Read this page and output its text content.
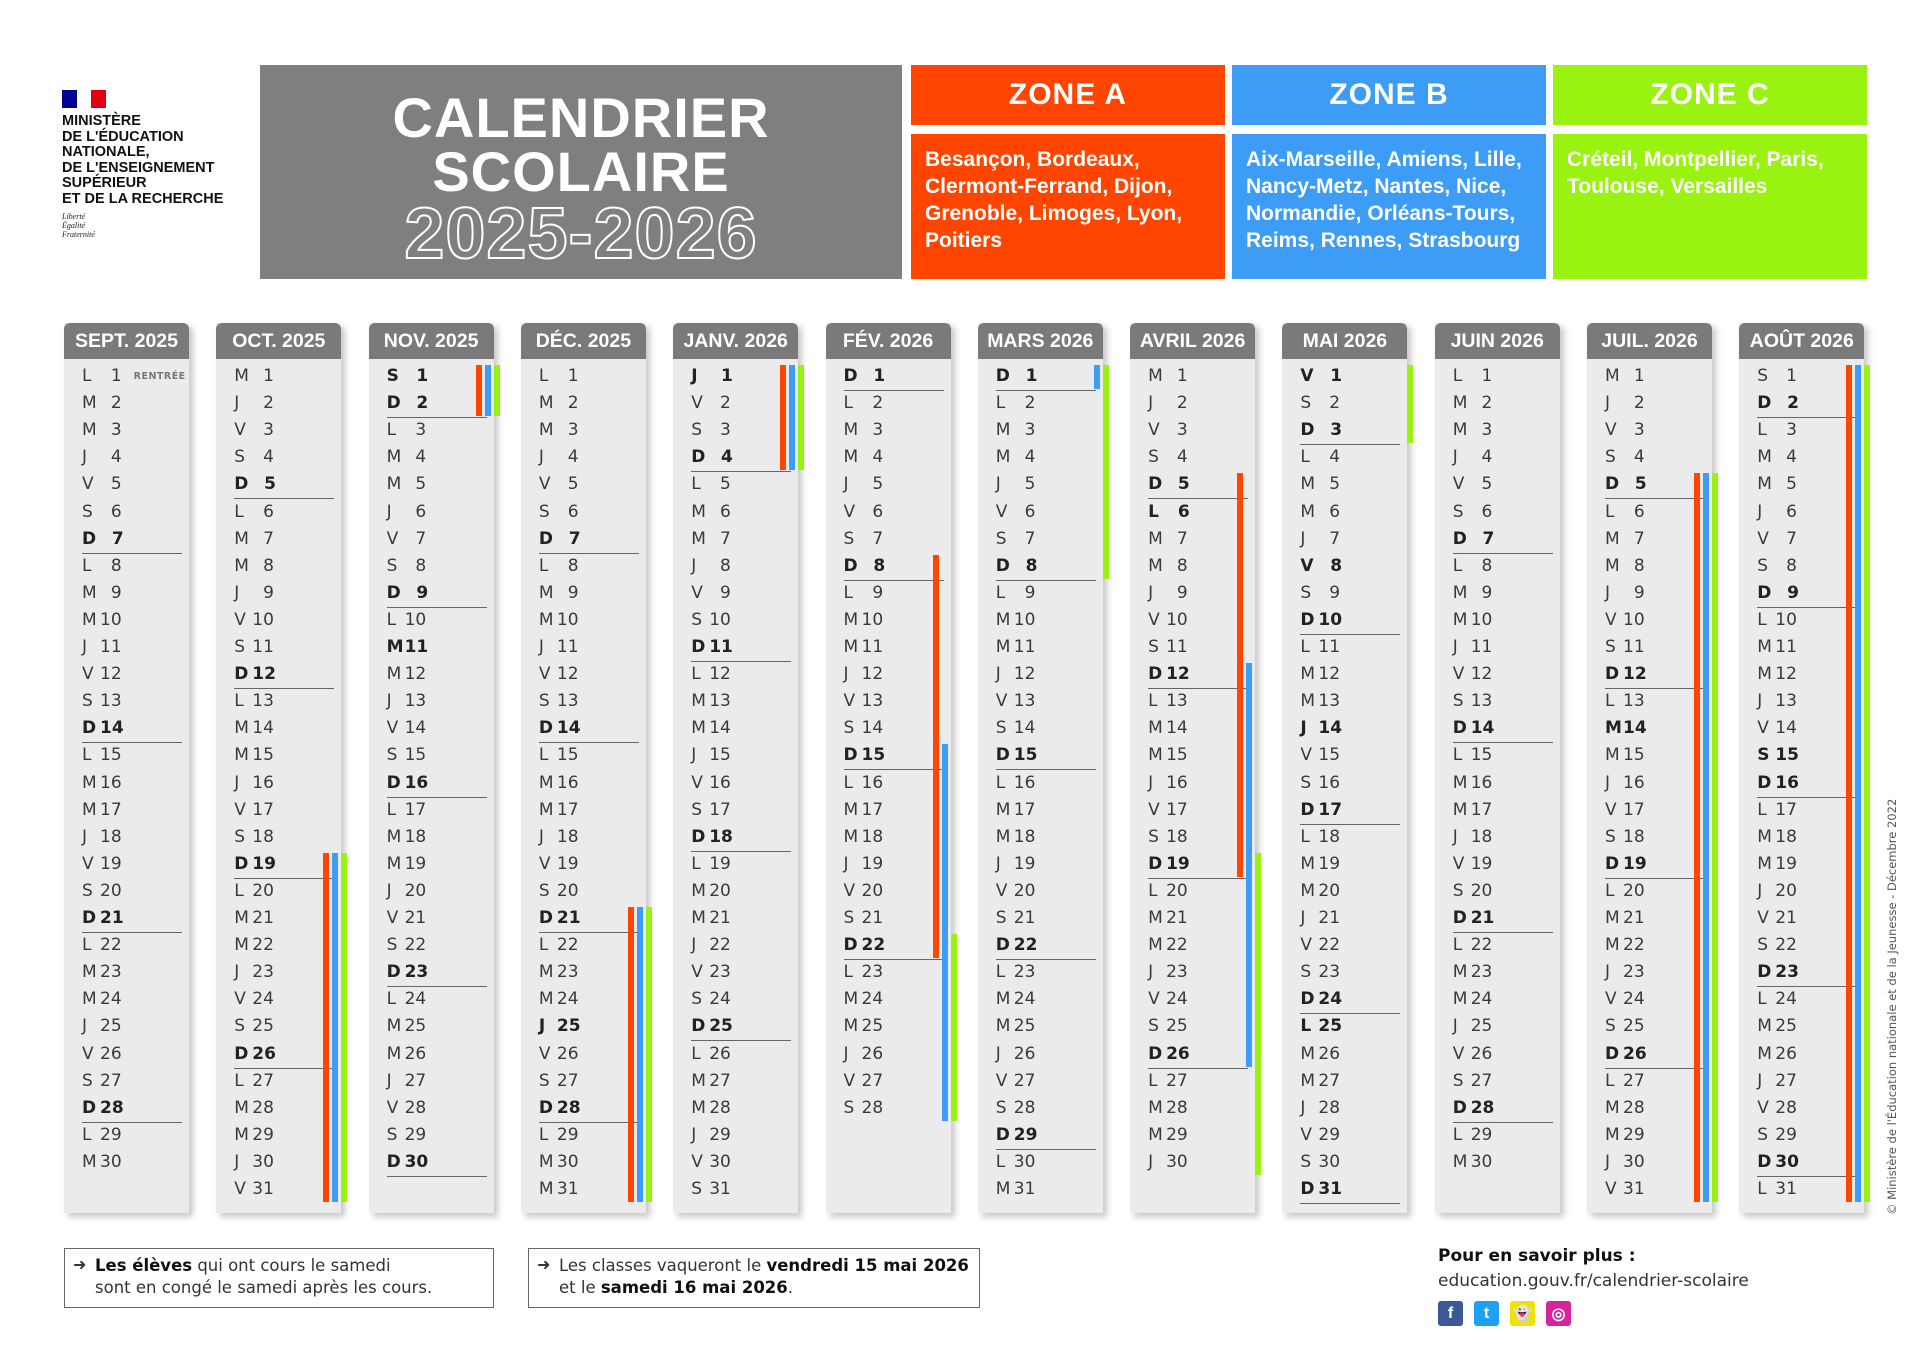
MINISTÈRE
DE L'ÉDUCATION
NATIONALE,
DE L'ENSEIGNEMENT
SUPÉRIEUR
ET DE LA RECHERCHE
Liberté
Égalité
Fraternité
CALENDRIER
SCOLAIRE
2025-2026
ZONE A
Besançon, Bordeaux, Clermont-Ferrand, Dijon, Grenoble, Limoges, Lyon, Poitiers
ZONE B
Aix-Marseille, Amiens, Lille, Nancy-Metz, Nantes, Nice, Normandie, Orléans-Tours, Reims, Rennes, Strasbourg
ZONE C
Créteil, Montpellier, Paris, Toulouse, Versailles
SEPT. 2025
L 1 RENTRÉE
M 2
M 3
J 4
V 5
S 6
D 7
L 8
M 9
M 10
J 11
V 12
S 13
D 14
L 15
M 16
M 17
J 18
V 19
S 20
D 21
L 22
M 23
M 24
J 25
V 26
S 27
D 28
L 29
M 30
OCT. 2025
M 1
J 2
V 3
S 4
D 5
L 6
M 7
M 8
J 9
V 10
S 11
D 12
L 13
M 14
M 15
J 16
V 17
S 18
D 19
L 20
M 21
M 22
J 23
V 24
S 25
D 26
L 27
M 28
M 29
J 30
V 31
NOV. 2025
S 1
D 2
L 3
M 4
M 5
J 6
V 7
S 8
D 9
L 10
M11
M 12
J 13
V 14
S 15
D 16
L 17
M 18
M 19
J 20
V 21
S 22
D 23
L 24
M 25
M 26
J 27
V 28
S 29
D 30
DÉC. 2025
L 1
M 2
M 3
J 4
V 5
S 6
D 7
L 8
M 9
M 10
J 11
V 12
S 13
D 14
L 15
M 16
M 17
J 18
V 19
S 20
D 21
L 22
M 23
M 24
J 25
V 26
S 27
D 28
L 29
M 30
M 31
JANV. 2026
J 1
V 2
S 3
D 4
L 5
M 6
M 7
J 8
V 9
S 10
D 11
L 12
M 13
M 14
J 15
V 16
S 17
D 18
L 19
M 20
M 21
J 22
V 23
S 24
D 25
L 26
M 27
M 28
J 29
V 30
S 31
FÉV. 2026
D 1
L 2
M 3
M 4
J 5
V 6
S 7
D 8
L 9
M 10
M 11
J 12
V 13
S 14
D 15
L 16
M 17
M 18
J 19
V 20
S 21
D 22
L 23
M 24
M 25
J 26
V 27
S 28
MARS 2026
D 1
L 2
M 3
M 4
J 5
V 6
S 7
D 8
L 9
M 10
M 11
J 12
V 13
S 14
D 15
L 16
M 17
M 18
J 19
V 20
S 21
D 22
L 23
M 24
M 25
J 26
V 27
S 28
D 29
L 30
M 31
AVRIL 2026
M 1
J 2
V 3
S 4
D 5
L 6
M 7
M 8
J 9
V 10
S 11
D 12
L 13
M 14
M 15
J 16
V 17
S 18
D 19
L 20
M 21
M 22
J 23
V 24
S 25
D 26
L 27
M 28
M 29
J 30
MAI 2026
V 1
S 2
D 3
L 4
M 5
M 6
J 7
V 8
S 9
D 10
L 11
M 12
M 13
J 14
V 15
S 16
D 17
L 18
M 19
M 20
J 21
V 22
S 23
D 24
L 25
M 26
M 27
J 28
V 29
S 30
D 31
JUIN 2026
L 1
M 2
M 3
J 4
V 5
S 6
D 7
L 8
M 9
M 10
J 11
V 12
S 13
D 14
L 15
M 16
M 17
J 18
V 19
S 20
D 21
L 22
M 23
M 24
J 25
V 26
S 27
D 28
L 29
M 30
JUIL. 2026
M 1
J 2
V 3
S 4
D 5
L 6
M 7
M 8
J 9
V 10
S 11
D 12
L 13
M14
M 15
J 16
V 17
S 18
D 19
L 20
M 21
M 22
J 23
V 24
S 25
D 26
L 27
M 28
M 29
J 30
V 31
AOÛT 2026
S 1
D 2
L 3
M 4
M 5
J 6
V 7
S 8
D 9
L 10
M 11
M 12
J 13
V 14
S 15
D 16
L 17
M 18
M 19
J 20
V 21
S 22
D 23
L 24
M 25
M 26
J 27
V 28
S 29
D 30
L 31
➜ Les élèves qui ont cours le samedi
sont en congé le samedi après les cours.
➜ Les classes vaqueront le vendredi 15 mai 2026
et le samedi 16 mai 2026.
Pour en savoir plus :
education.gouv.fr/calendrier-scolaire
f	t	👻	◎
© Ministère de l'Éducation nationale et de la Jeunesse - Décembre 2022
